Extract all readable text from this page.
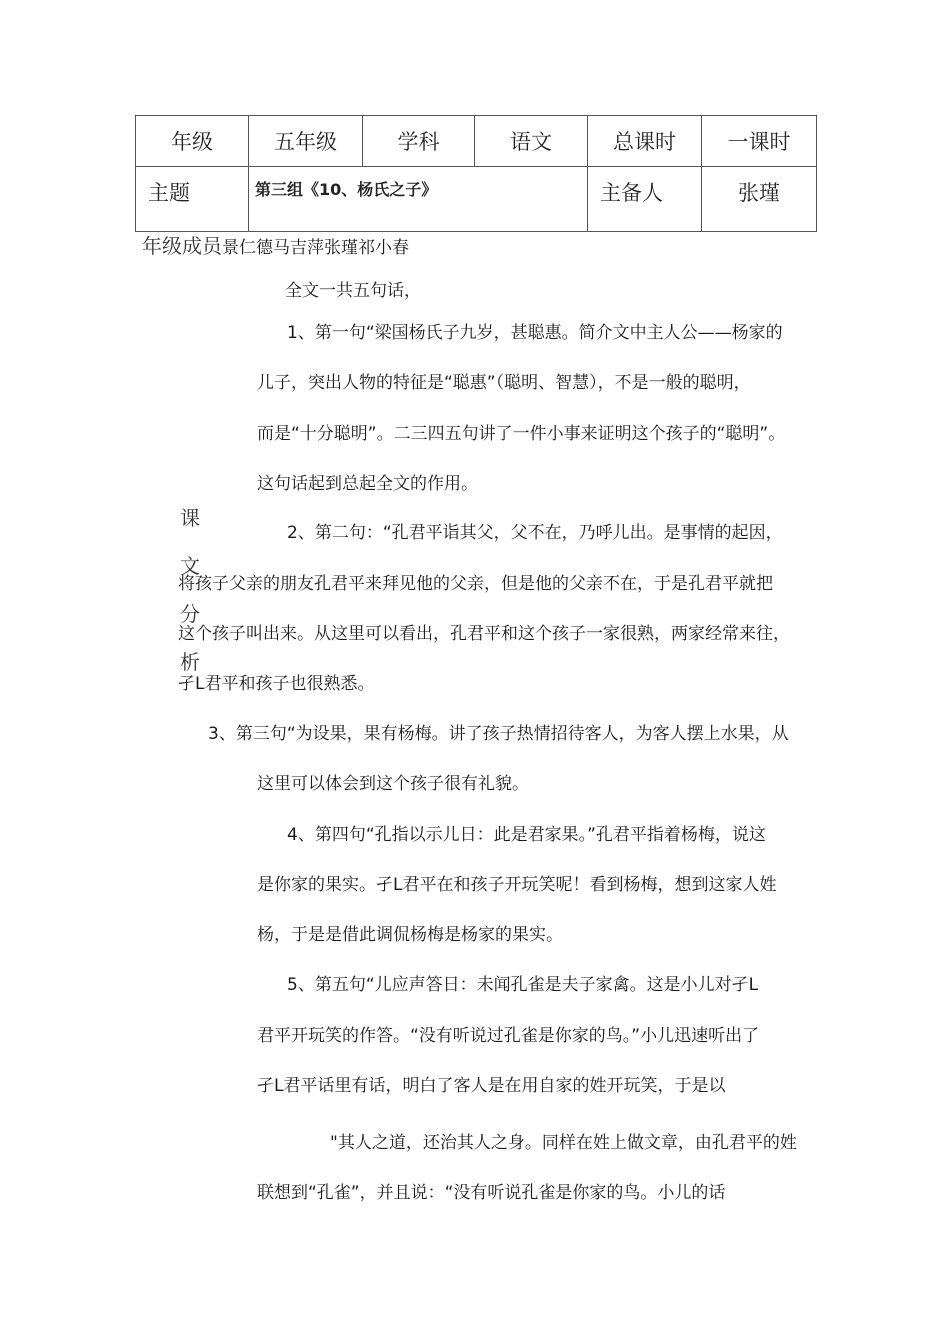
年级	五年级	学科	语文	总课时	一课时
主题	第三组《10、杨氏之子》			主备人	张瑾
年级成员景仁德马吉萍张瑾祁小春
课
文
分
析
全文一共五句话，
1、第一句“梁国杨氏子九岁，甚聪惠。简介文中主人公——杨家的
儿子，突出人物的特征是“聪惠”（聪明、智慧），不是一般的聪明，
而是“十分聪明”。二三四五句讲了一件小事来证明这个孩子的“聪明”。
这句话起到总起全文的作用。
2、第二句：“孔君平诣其父，父不在，乃呼儿出。是事情的起因，
将孩子父亲的朋友孔君平来拜见他的父亲，但是他的父亲不在，于是孔君平就把
这个孩子叫出来。从这里可以看出，孔君平和这个孩子一家很熟，两家经常来往，
孑L君平和孩子也很熟悉。
3、第三句“为设果，果有杨梅。讲了孩子热情招待客人，为客人摆上水果，从
这里可以体会到这个孩子很有礼貌。
4、第四句“孔指以示儿日：此是君家果。”孔君平指着杨梅，说这
是你家的果实。孑L君平在和孩子开玩笑呢！看到杨梅，想到这家人姓
杨，于是是借此调侃杨梅是杨家的果实。
5、第五句“儿应声答日：未闻孔雀是夫子家禽。这是小儿对孑L
君平开玩笑的作答。“没有听说过孔雀是你家的鸟。”小儿迅速听出了
孑L君平话里有话，明白了客人是在用自家的姓开玩笑，于是以
"其人之道，还治其人之身。同样在姓上做文章，由孔君平的姓
联想到“孔雀”，并且说：“没有听说孔雀是你家的鸟。小儿的话
